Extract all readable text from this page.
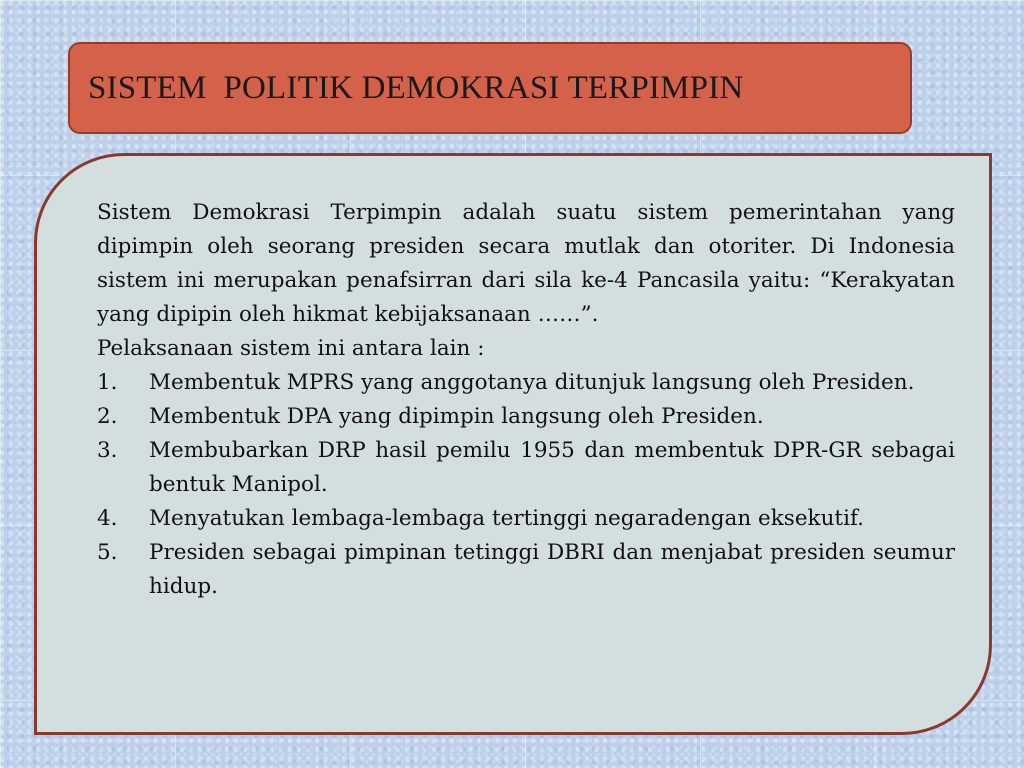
SISTEM  POLITIK DEMOKRASI TERPIMPIN

Sistem Demokrasi Terpimpin adalah suatu sistem pemerintahan yang dipimpin oleh seorang presiden secara mutlak dan otoriter. Di Indonesia sistem ini merupakan penafsirran dari sila ke-4 Pancasila yaitu: “Kerakyatan yang dipipin oleh hikmat kebijaksanaan ……”.

Pelaksanaan sistem ini antara lain :

1. Membentuk MPRS yang anggotanya ditunjuk langsung oleh Presiden.
2. Membentuk DPA yang dipimpin langsung oleh Presiden.
3. Membubarkan DRP hasil pemilu 1955 dan membentuk DPR-GR sebagai bentuk Manipol.
4. Menyatukan lembaga-lembaga tertinggi negaradengan eksekutif.
5. Presiden sebagai pimpinan tetinggi DBRI dan menjabat presiden seumur hidup.
